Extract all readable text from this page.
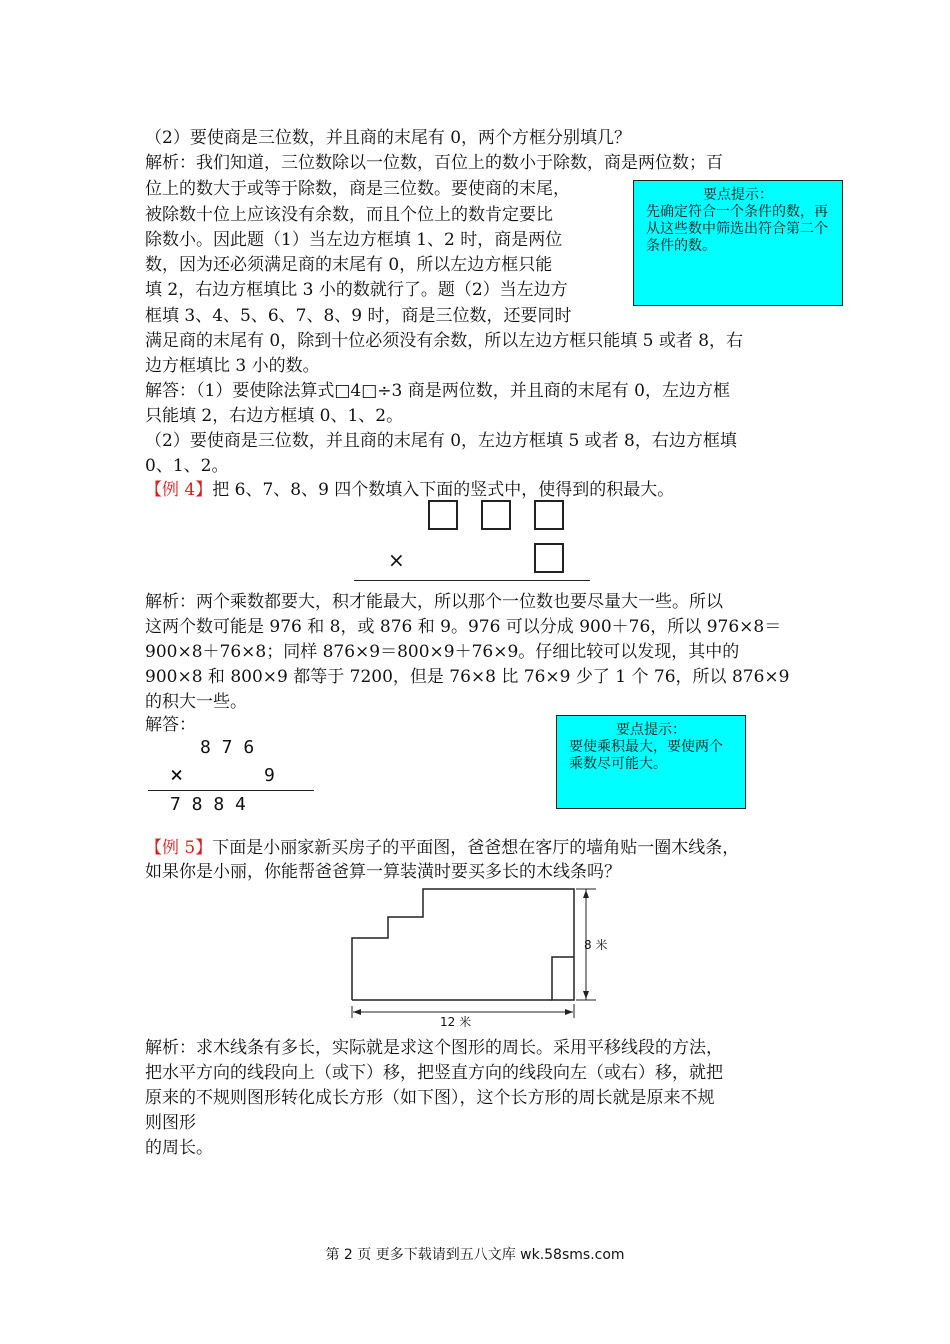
（2）要使商是三位数，并且商的末尾有 0，两个方框分别填几？
解析：我们知道，三位数除以一位数，百位上的数小于除数，商是两位数；百
位上的数大于或等于除数，商是三位数。要使商的末尾，
被除数十位上应该没有余数，而且个位上的数肯定要比
除数小。因此题（1）当左边方框填 1、2 时，商是两位
数，因为还必须满足商的末尾有 0，所以左边方框只能
填 2，右边方框填比 3 小的数就行了。题（2）当左边方
框填 3、4、5、6、7、8、9 时，商是三位数，还要同时
满足商的末尾有 0，除到十位必须没有余数，所以左边方框只能填 5 或者 8，右
边方框填比 3 小的数。
解答：（1）要使除法算式□4□÷3 商是两位数，并且商的末尾有 0，左边方框
只能填 2，右边方框填 0、1、2。
（2）要使商是三位数，并且商的末尾有 0，左边方框填 5 或者 8，右边方框填
0、1、2。
要点提示：
先确定符合一个条件的数，再从这些数中筛选出符合第二个条件的数。
【例 4】把 6、7、8、9 四个数填入下面的竖式中，使得到的积最大。
×
解析：两个乘数都要大，积才能最大，所以那个一位数也要尽量大一些。所以
这两个数可能是 976 和 8，或 876 和 9。976 可以分成 900＋76，所以 976×8＝
900×8＋76×8；同样 876×9＝800×9＋76×9。仔细比较可以发现，其中的
900×8 和 800×9 都等于 7200，但是 76×8 比 76×9 少了 1 个 76，所以 876×9
的积大一些。
解答：
8 7 6
×	9
7 8 8 4
要点提示：
要使乘积最大，要使两个乘数尽可能大。
【例 5】下面是小丽家新买房子的平面图，爸爸想在客厅的墙角贴一圈木线条，
如果你是小丽，你能帮爸爸算一算装潢时要买多长的木线条吗？
8 米
12 米
解析：求木线条有多长，实际就是求这个图形的周长。采用平移线段的方法，
把水平方向的线段向上（或下）移，把竖直方向的线段向左（或右）移，就把
原来的不规则图形转化成长方形（如下图），这个长方形的周长就是原来不规
则图形
的周长。
第 2 页 更多下载请到五八文库 wk.58sms.com
